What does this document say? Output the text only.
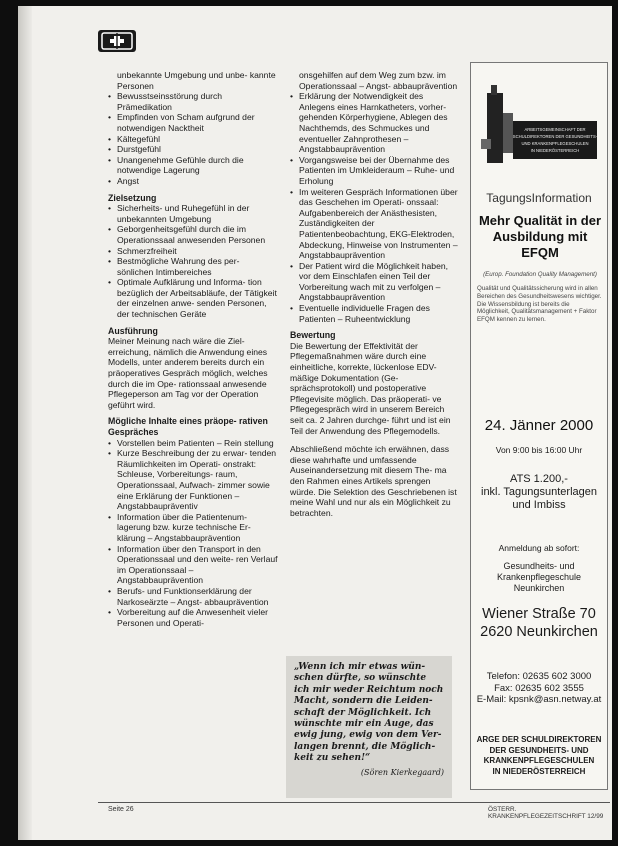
unbekannte Umgebung und unbe- kannte Personen
• Bewusstseinsstörung durch Prämedikation
• Empfinden von Scham aufgrund der notwendigen Nacktheit
• Kältegefühl
• Durstgefühl
• Unangenehme Gefühle durch die notwendige Lagerung
• Angst
Zielsetzung
• Sicherheits- und Ruhegefühl in der unbekannten Umgebung
• Geborgenheitsgefühl durch die im Operationssaal anwesenden Personen
• Schmerzfreiheit
• Bestmögliche Wahrung des per- sönlichen Intimbereiches
• Optimale Aufklärung und Informa- tion bezüglich der Arbeitsabläufe, der Tätigkeit der einzelnen anwe- senden Personen, der technischen Geräte
Ausführung

Meiner Meinung nach wäre die Ziel- erreichung, nämlich die Anwendung eines Modells, unter anderem bereits durch ein präoperatives Gespräch möglich, welches durch die im Ope- rationssaal anwesende Pflegeperson am Tag vor der Operation geführt wird.

Mögliche Inhalte eines präope- rativen Gespräches
• Vorstellen beim Patienten – Rein stellung
• Kurze Beschreibung der zu erwar- tenden Räumlichkeiten im Operati- onstrakt: Schleuse, Vorbereitungs- raum, Operationssaal, Aufwach- zimmer sowie eine Erklärung der Funktionen – Angstabbaupräventiv
• Information über die Patientenum- lagerung bzw. kurze technische Er- klärung – Angstabbauprävention
• Information über den Transport in den Operationssaal und den weite- ren Verlauf im Operationssaal – Angstabbauprävention
• Berufs- und Funktionserklärung der Narkoseärzte – Angst- abbauprävention
• Vorbereitung auf die Anwesenheit vieler Personen und Operati-
onsgehilfen auf dem Weg zum bzw. im Operationssaal – Angst- abbauprävention
• Erklärung der Notwendigkeit des Anlegens eines Harnkatheters, vorher- gehenden Körperhygiene, Ablegen des Nachthemds, des Schmuckes und eventueller Zahnprothesen – Angstabbauprävention
• Vorgangsweise bei der Übernahme des Patienten im Umkleideraum – Ruhe- und Erholung
• Im weiteren Gespräch Informationen über das Geschehen im Operati- onssaal: Aufgabenbereich der Anästhesisten, Zuständigkeiten der Patientenbeobachtung, EKG-Elektroden, Abdeckung, Hinweise von Instrumenten – Angstabbauprävention
• Der Patient wird die Möglichkeit haben, vor dem Einschlafen einen Teil der Vorbereitung wach mit zu verfolgen – Angstabbauprävention
• Eventuelle individuelle Fragen des Patienten – Ruheentwicklung
Bewertung

Die Bewertung der Effektivität der Pflegemaßnahmen wäre durch eine einheitliche, korrekte, lückenlose EDV-mäßige Dokumentation (Ge- sprächsprotokoll) und postoperative Pflegevisite möglich. Das präoperati- ve Pflegegespräch wird in unserem Bereich seit ca. 2 Jahren durchge- führt und ist ein Teil der Anwendung des Pflegemodells.

Abschließend möchte ich erwähnen, dass diese wahrhafte und umfassende Auseinandersetzung mit diesem The- ma den Rahmen eines Artikels sprengen würde. Die Selektion des Geschriebenen ist meine Wahl und nur als ein Möglichkeit zu betrachten.

„Wenn ich mir etwas wün- schen dürfte, so wünschte ich mir weder Reichtum noch Macht, sondern die Leiden- schaft der Möglichkeit. Ich wünschte mir ein Auge, das ewig jung, ewig von dem Ver- langen brennt, die Möglich- keit zu sehen!“
(Sören Kierkegaard)
ARBEITSGEMEINSCHAFT DER
SCHULDIREKTOREN DER GESUNDHEITS-
UND KRANKENPFLEGESCHULEN
IN NIEDERÖSTERREICH
TagungsInformation
Mehr Qualität in der Ausbildung mit EFQM
(Europ. Foundation Quality Management)
Qualität und Qualitätssicherung wird in allen Bereichen des Gesundheitswesens wichtiger. Die Wissensbildung ist bereits die Möglichkeit, Qualitätsmanagement + Faktor EFQM kennen zu lernen.
24. Jänner 2000
Von 9:00 bis 16:00 Uhr
ATS 1.200,-
inkl. Tagungsunterlagen
und Imbiss
Anmeldung ab sofort:
Gesundheits- und
Krankenpflegeschule
Neunkirchen
Wiener Straße 70
2620 Neunkirchen
Telefon: 02635 602 3000
Fax: 02635 602 3555
E-Mail: kpsnk@asn.netway.at
ARGE DER SCHULDIREKTOREN
DER GESUNDHEITS- UND
KRANKENPFLEGESCHULEN
IN NIEDERÖSTERREICH
Seite 26	ÖSTERR. KRANKENPFLEGEZEITSCHRIFT 12/99
